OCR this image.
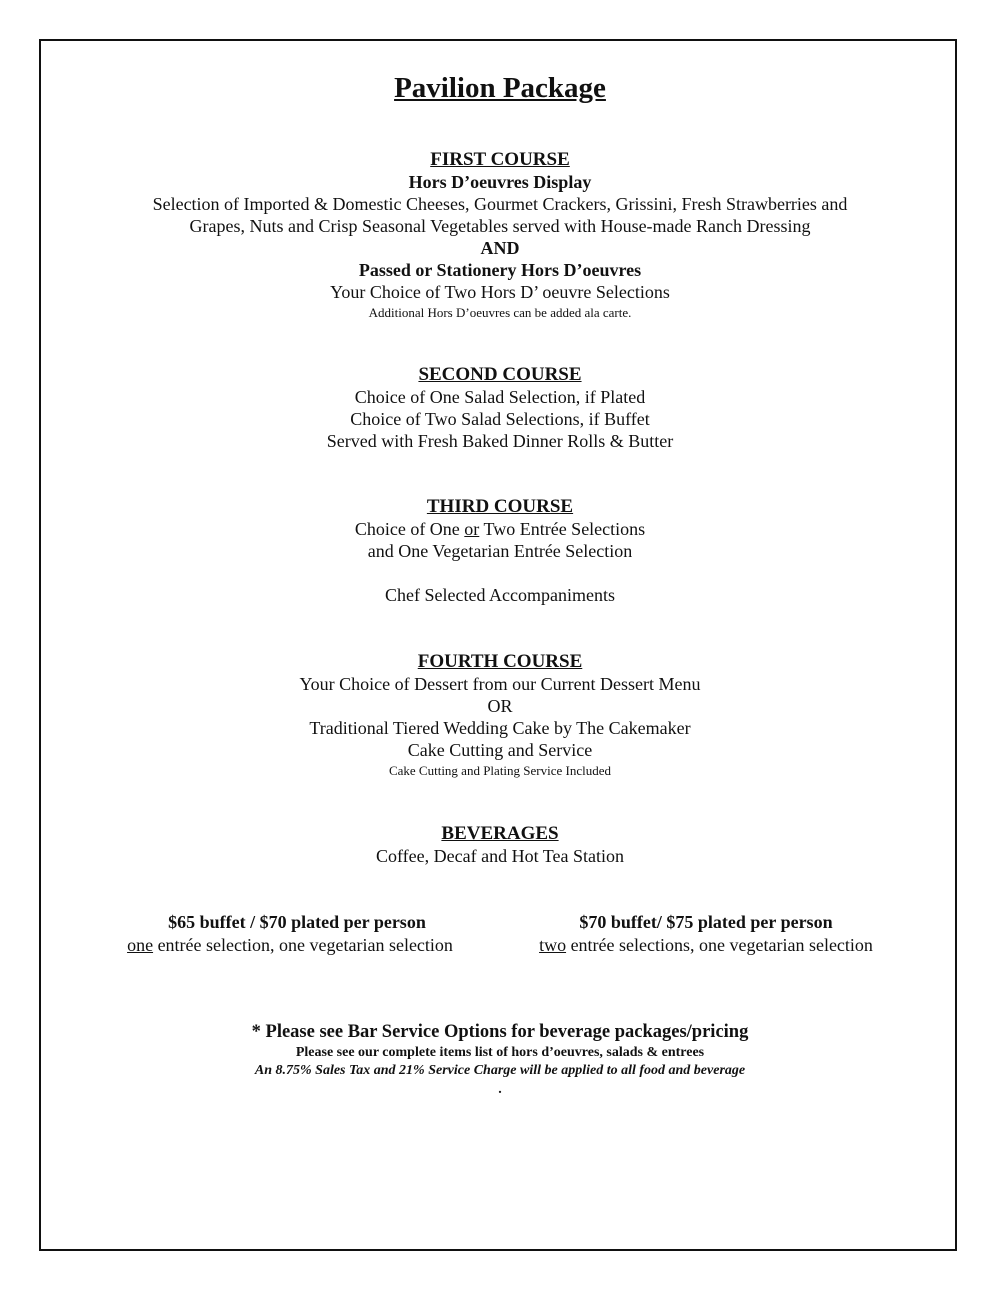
Pavilion Package
FIRST COURSE
Hors D’oeuvres Display
Selection of Imported & Domestic Cheeses, Gourmet Crackers, Grissini, Fresh Strawberries and
Grapes, Nuts and Crisp Seasonal Vegetables served with House-made Ranch Dressing
AND
Passed or Stationery Hors D’oeuvres
Your Choice of Two Hors D’ oeuvre Selections
Additional Hors D’oeuvres can be added ala carte.
SECOND COURSE
Choice of One Salad Selection, if Plated
Choice of Two Salad Selections, if Buffet
Served with Fresh Baked Dinner Rolls & Butter
THIRD COURSE
Choice of One or Two Entrée Selections
and One Vegetarian Entrée Selection
Chef Selected Accompaniments
FOURTH COURSE
Your Choice of Dessert from our Current Dessert Menu
OR
Traditional Tiered Wedding Cake by The Cakemaker
Cake Cutting and Service
Cake Cutting and Plating Service Included
BEVERAGES
Coffee, Decaf and Hot Tea Station
$65 buffet / $70 plated per person
one entrée selection, one vegetarian selection
$70 buffet/ $75 plated per person
two entrée selections, one vegetarian selection
* Please see Bar Service Options for beverage packages/pricing
Please see our complete items list of hors d’oeuvres, salads & entrees
An 8.75% Sales Tax and 21% Service Charge will be applied to all food and beverage
.
